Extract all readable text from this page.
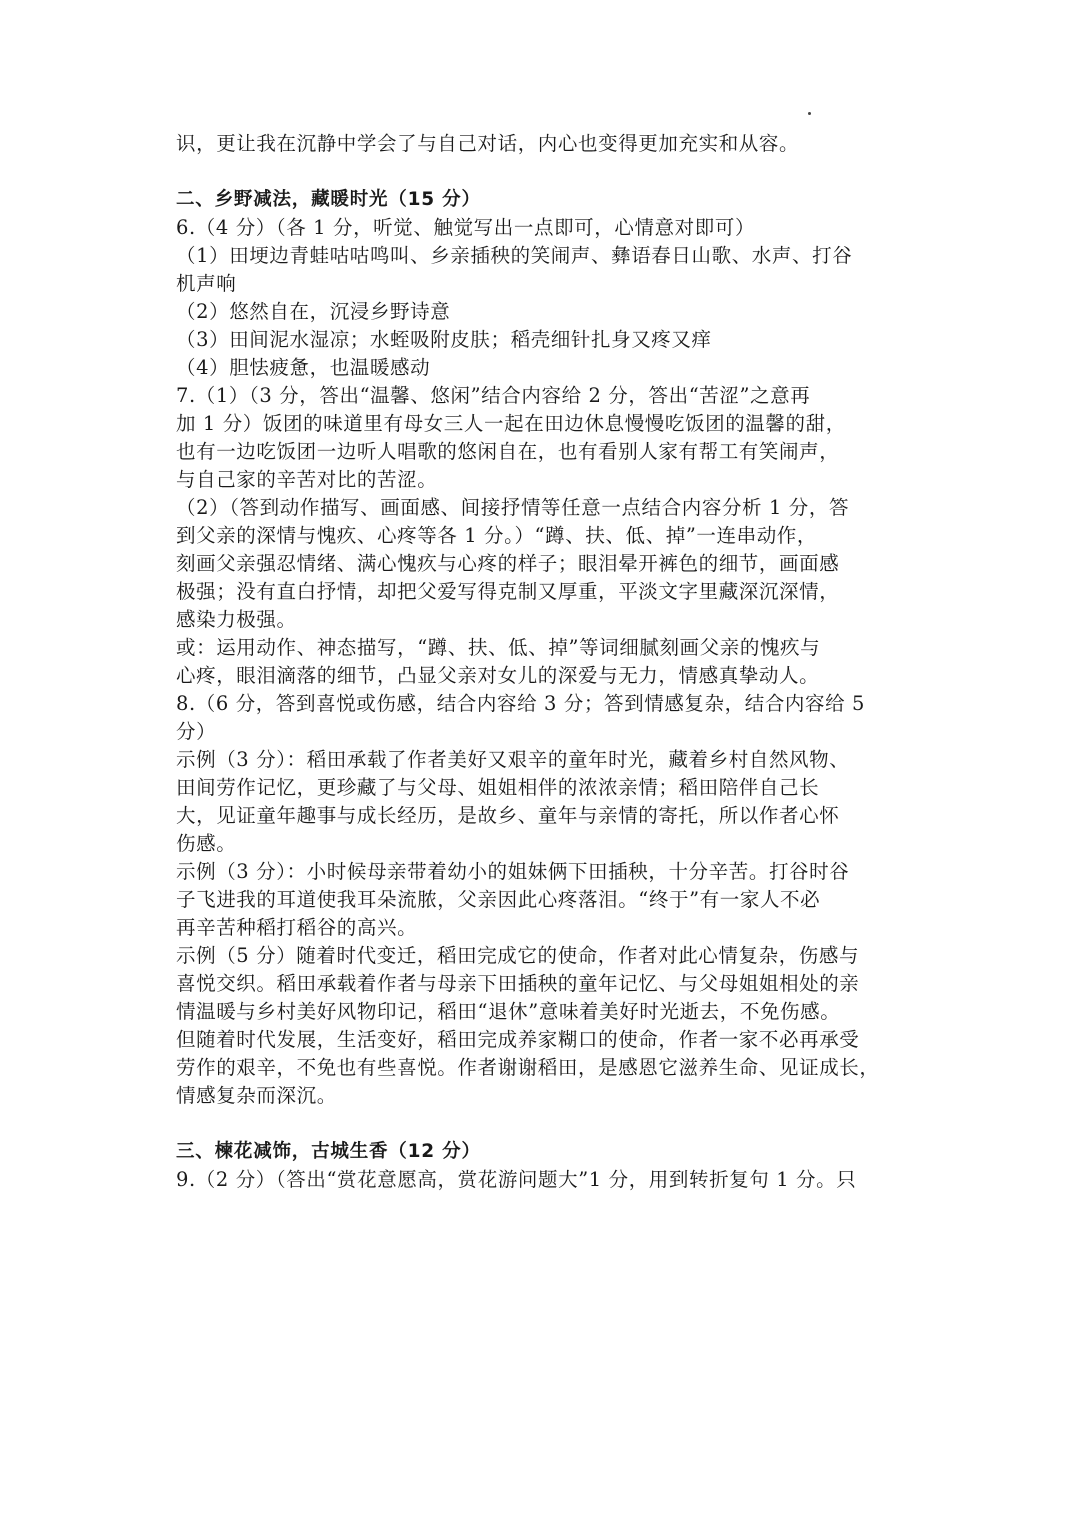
识，更让我在沉静中学会了与自己对话，内心也变得更加充实和从容。
二、乡野减法，藏暖时光（15 分）
6.（4 分）（各 1 分，听觉、触觉写出一点即可，心情意对即可）
（1）田埂边青蛙咕咕鸣叫、乡亲插秧的笑闹声、彝语春日山歌、水声、打谷
机声响
（2）悠然自在，沉浸乡野诗意
（3）田间泥水湿凉；水蛭吸附皮肤；稻壳细针扎身又疼又痒
（4）胆怯疲惫，也温暖感动
7.（1）（3 分，答出“温馨、悠闲”结合内容给 2 分，答出“苦涩”之意再
加 1 分）饭团的味道里有母女三人一起在田边休息慢慢吃饭团的温馨的甜，
也有一边吃饭团一边听人唱歌的悠闲自在，也有看别人家有帮工有笑闹声，
与自己家的辛苦对比的苦涩。
（2）（答到动作描写、画面感、间接抒情等任意一点结合内容分析 1 分，答
到父亲的深情与愧疚、心疼等各 1 分。）“蹲、扶、低、掉”一连串动作，
刻画父亲强忍情绪、满心愧疚与心疼的样子；眼泪晕开裤色的细节，画面感
极强；没有直白抒情，却把父爱写得克制又厚重，平淡文字里藏深沉深情，
感染力极强。
或：运用动作、神态描写，“蹲、扶、低、掉”等词细腻刻画父亲的愧疚与
心疼，眼泪滴落的细节，凸显父亲对女儿的深爱与无力，情感真挚动人。
8.（6 分，答到喜悦或伤感，结合内容给 3 分；答到情感复杂，结合内容给 5
分）
示例（3 分）：稻田承载了作者美好又艰辛的童年时光，藏着乡村自然风物、
田间劳作记忆，更珍藏了与父母、姐姐相伴的浓浓亲情；稻田陪伴自己长
大，见证童年趣事与成长经历，是故乡、童年与亲情的寄托，所以作者心怀
伤感。
示例（3 分）：小时候母亲带着幼小的姐妹俩下田插秧，十分辛苦。打谷时谷
子飞进我的耳道使我耳朵流脓，父亲因此心疼落泪。“终于”有一家人不必
再辛苦种稻打稻谷的高兴。
示例（5 分）随着时代变迁，稻田完成它的使命，作者对此心情复杂，伤感与
喜悦交织。稻田承载着作者与母亲下田插秧的童年记忆、与父母姐姐相处的亲
情温暖与乡村美好风物印记，稻田“退休”意味着美好时光逝去，不免伤感。
但随着时代发展，生活变好，稻田完成养家糊口的使命，作者一家不必再承受
劳作的艰辛，不免也有些喜悦。作者谢谢稻田，是感恩它滋养生命、见证成长，
情感复杂而深沉。
三、楝花减饰，古城生香（12 分）
9.（2 分）（答出“赏花意愿高，赏花游问题大”1 分，用到转折复句 1 分。只
